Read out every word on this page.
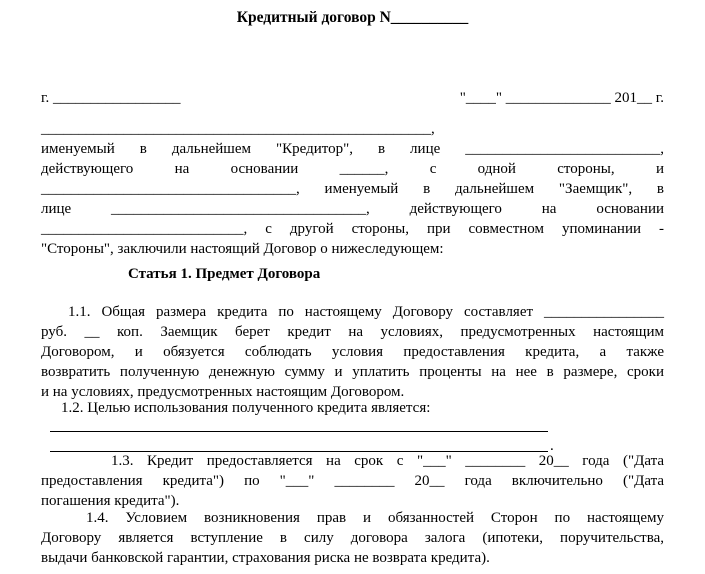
Кредитный договор N__________
г. _________________	"____" ______________ 201__ г.
____________________________________________________,
именуемый в дальнейшем "Кредитор", в лице __________________________,
действующего на основании ______, с одной стороны, и
__________________________________, именуемый в дальнейшем "Заемщик", в
лице __________________________________, действующего на основании
___________________________, с другой стороны, при совместном упоминании -
"Стороны", заключили настоящий Договор о нижеследующем:
Статья 1. Предмет Договора
1.1. Общая размера кредита по настоящему Договору составляет ________________
руб. __ коп. Заемщик берет кредит на условиях, предусмотренных настоящим
Договором, и обязуется соблюдать условия предоставления кредита, а также
возвратить полученную денежную сумму и уплатить проценты на нее в размере, сроки
и на условиях, предусмотренных настоящим Договором.
1.2. Целью использования полученного кредита является:
.
1.3. Кредит предоставляется на срок с "___" ________ 20__ года ("Дата
предоставления кредита") по "___" ________ 20__ года включительно ("Дата
погашения кредита").
1.4. Условием возникновения прав и обязанностей Сторон по настоящему
Договору является вступление в силу договора залога (ипотеки, поручительства,
выдачи банковской гарантии, страхования риска не возврата кредита).
